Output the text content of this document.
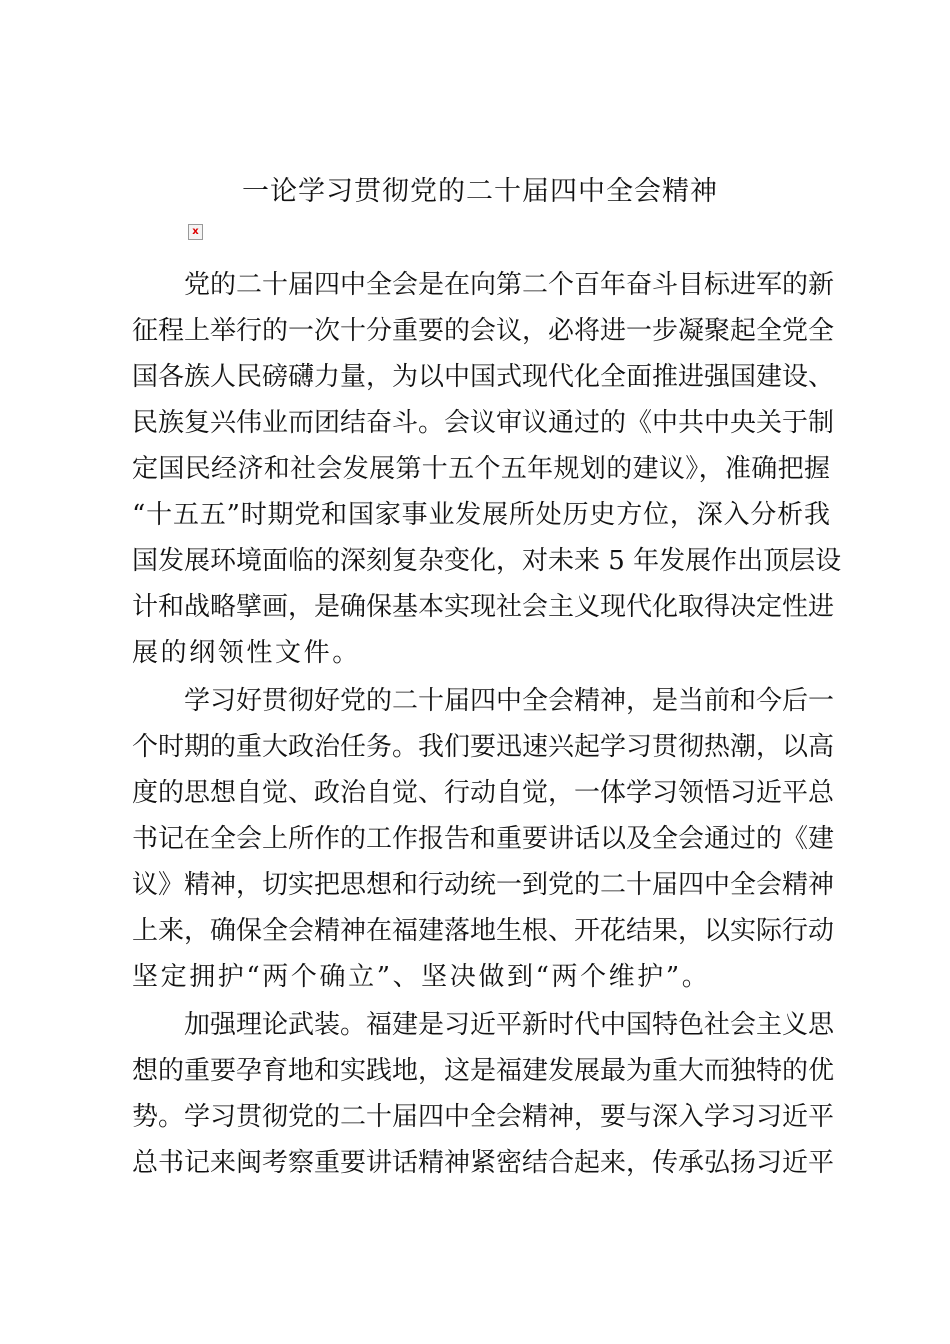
一论学习贯彻党的二十届四中全会精神
x
党的二十届四中全会是在向第二个百年奋斗目标进军的新
征程上举行的一次十分重要的会议，必将进一步凝聚起全党全
国各族人民磅礴力量，为以中国式现代化全面推进强国建设、
民族复兴伟业而团结奋斗。会议审议通过的《中共中央关于制
定国民经济和社会发展第十五个五年规划的建议》，准确把握
“十五五”时期党和国家事业发展所处历史方位，深入分析我
国发展环境面临的深刻复杂变化，对未来 5 年发展作出顶层设
计和战略擘画，是确保基本实现社会主义现代化取得决定性进
展的纲领性文件。
学习好贯彻好党的二十届四中全会精神，是当前和今后一
个时期的重大政治任务。我们要迅速兴起学习贯彻热潮，以高
度的思想自觉、政治自觉、行动自觉，一体学习领悟习近平总
书记在全会上所作的工作报告和重要讲话以及全会通过的《建
议》精神，切实把思想和行动统一到党的二十届四中全会精神
上来，确保全会精神在福建落地生根、开花结果，以实际行动
坚定拥护“两个确立”、坚决做到“两个维护”。
加强理论武装。福建是习近平新时代中国特色社会主义思
想的重要孕育地和实践地，这是福建发展最为重大而独特的优
势。学习贯彻党的二十届四中全会精神，要与深入学习习近平
总书记来闽考察重要讲话精神紧密结合起来，传承弘扬习近平
